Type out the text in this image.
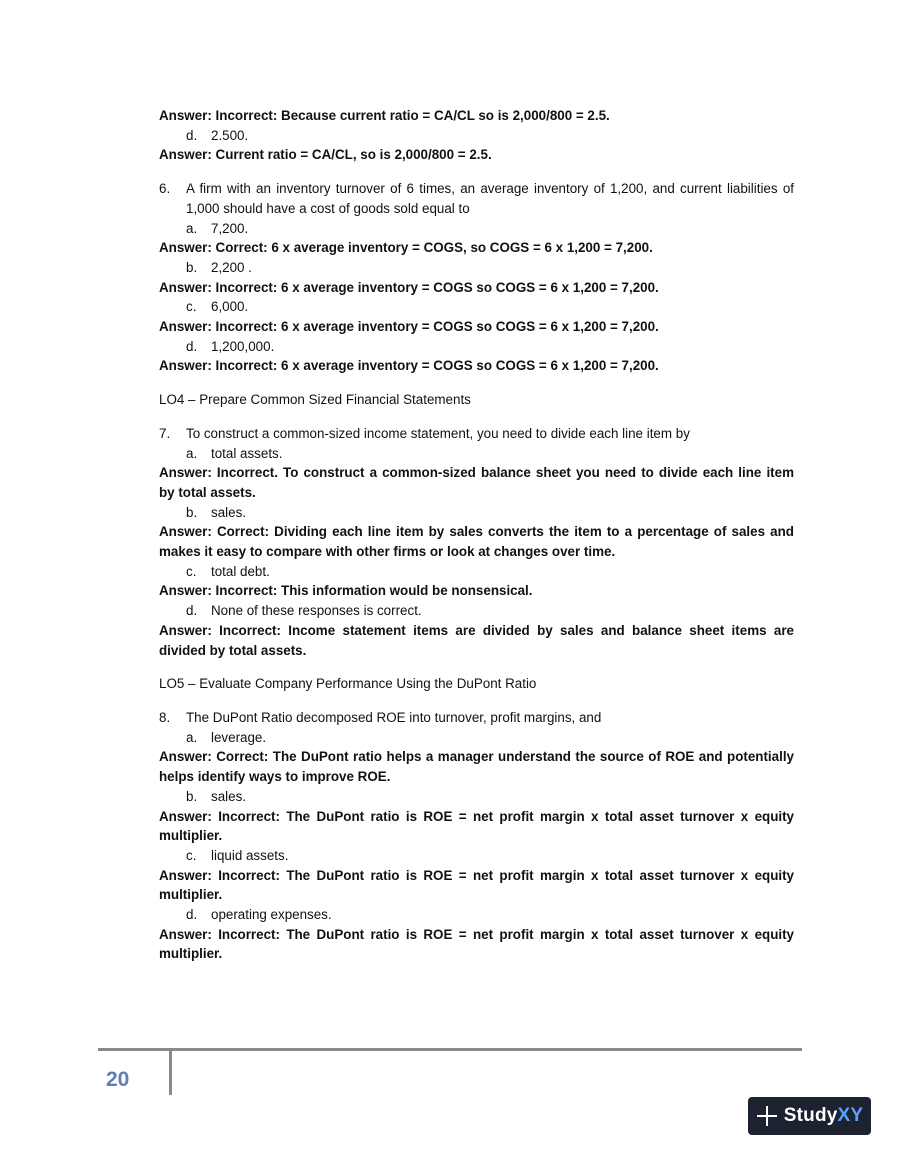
Answer: Incorrect: Because current ratio = CA/CL so is 2,000/800 = 2.5.
d. 2.500.
Answer: Current ratio = CA/CL, so is 2,000/800 = 2.5.
6.	A firm with an inventory turnover of 6 times, an average inventory of 1,200, and current liabilities of 1,000 should have a cost of goods sold equal to
a. 7,200.
Answer: Correct: 6 x average inventory = COGS, so COGS = 6 x 1,200 = 7,200.
b. 2,200 .
Answer: Incorrect: 6 x average inventory = COGS so COGS = 6 x 1,200 = 7,200.
c. 6,000.
Answer: Incorrect: 6 x average inventory = COGS so COGS = 6 x 1,200 = 7,200.
d. 1,200,000.
Answer: Incorrect: 6 x average inventory = COGS so COGS = 6 x 1,200 = 7,200.
LO4 – Prepare Common Sized Financial Statements
7.	To construct a common-sized income statement, you need to divide each line item by
a. total assets.
Answer: Incorrect. To construct a common-sized balance sheet you need to divide each line item by total assets.
b. sales.
Answer: Correct: Dividing each line item by sales converts the item to a percentage of sales and makes it easy to compare with other firms or look at changes over time.
c. total debt.
Answer: Incorrect: This information would be nonsensical.
d. None of these responses is correct.
Answer: Incorrect: Income statement items are divided by sales and balance sheet items are divided by total assets.
LO5 – Evaluate Company Performance Using the DuPont Ratio
8.	The DuPont Ratio decomposed ROE into turnover, profit margins, and
a. leverage.
Answer: Correct: The DuPont ratio helps a manager understand the source of ROE and potentially helps identify ways to improve ROE.
b. sales.
Answer: Incorrect: The DuPont ratio is ROE = net profit margin x total asset turnover x equity multiplier.
c. liquid assets.
Answer: Incorrect: The DuPont ratio is ROE = net profit margin x total asset turnover x equity multiplier.
d. operating expenses.
Answer: Incorrect: The DuPont ratio is ROE = net profit margin x total asset turnover x equity multiplier.
20
StudyXY
